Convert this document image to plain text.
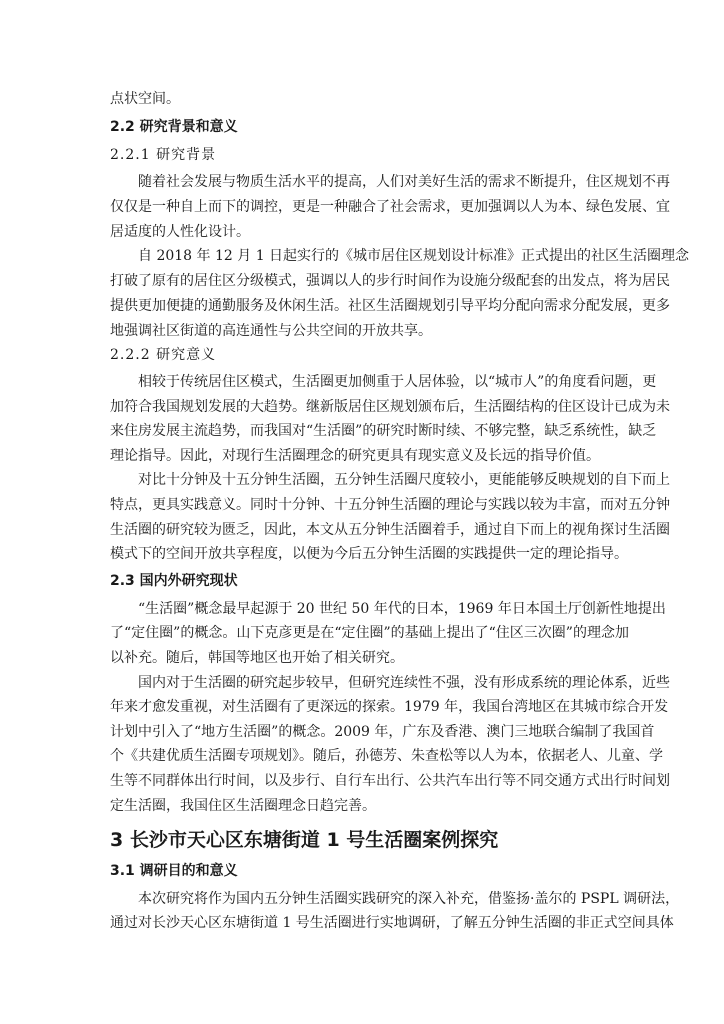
点状空间。
2.2 研究背景和意义
2.2.1 研究背景
随着社会发展与物质生活水平的提高，人们对美好生活的需求不断提升，住区规划不再
仅仅是一种自上而下的调控，更是一种融合了社会需求，更加强调以人为本、绿色发展、宜
居适度的人性化设计。
自 2018 年 12 月 1 日起实行的《城市居住区规划设计标准》正式提出的社区生活圈理念
打破了原有的居住区分级模式，强调以人的步行时间作为设施分级配套的出发点，将为居民
提供更加便捷的通勤服务及休闲生活。社区生活圈规划引导平均分配向需求分配发展，更多
地强调社区街道的高连通性与公共空间的开放共享。
2.2.2 研究意义
相较于传统居住区模式，生活圈更加侧重于人居体验，以“城市人”的角度看问题，更
加符合我国规划发展的大趋势。继新版居住区规划颁布后，生活圈结构的住区设计已成为未
来住房发展主流趋势，而我国对“生活圈”的研究时断时续、不够完整，缺乏系统性，缺乏
理论指导。因此，对现行生活圈理念的研究更具有现实意义及长远的指导价值。
对比十分钟及十五分钟生活圈，五分钟生活圈尺度较小，更能能够反映规划的自下而上
特点，更具实践意义。同时十分钟、十五分钟生活圈的理论与实践以较为丰富，而对五分钟
生活圈的研究较为匮乏，因此，本文从五分钟生活圈着手，通过自下而上的视角探讨生活圈
模式下的空间开放共享程度，以便为今后五分钟生活圈的实践提供一定的理论指导。
2.3 国内外研究现状
“生活圈”概念最早起源于 20 世纪 50 年代的日本，1969 年日本国土厅创新性地提出
了“定住圈”的概念。山下克彦更是在“定住圈”的基础上提出了“住区三次圈”的理念加
以补充。随后，韩国等地区也开始了相关研究。
国内对于生活圈的研究起步较早，但研究连续性不强，没有形成系统的理论体系，近些
年来才愈发重视，对生活圈有了更深远的探索。1979 年，我国台湾地区在其城市综合开发
计划中引入了“地方生活圈”的概念。2009 年，广东及香港、澳门三地联合编制了我国首
个《共建优质生活圈专项规划》。随后，孙德芳、朱查松等以人为本，依据老人、儿童、学
生等不同群体出行时间，以及步行、自行车出行、公共汽车出行等不同交通方式出行时间划
定生活圈，我国住区生活圈理念日趋完善。
3 长沙市天心区东塘街道 1 号生活圈案例探究
3.1 调研目的和意义
本次研究将作为国内五分钟生活圈实践研究的深入补充，借鉴扬·盖尔的 PSPL 调研法，
通过对长沙天心区东塘街道 1 号生活圈进行实地调研，了解五分钟生活圈的非正式空间具体
